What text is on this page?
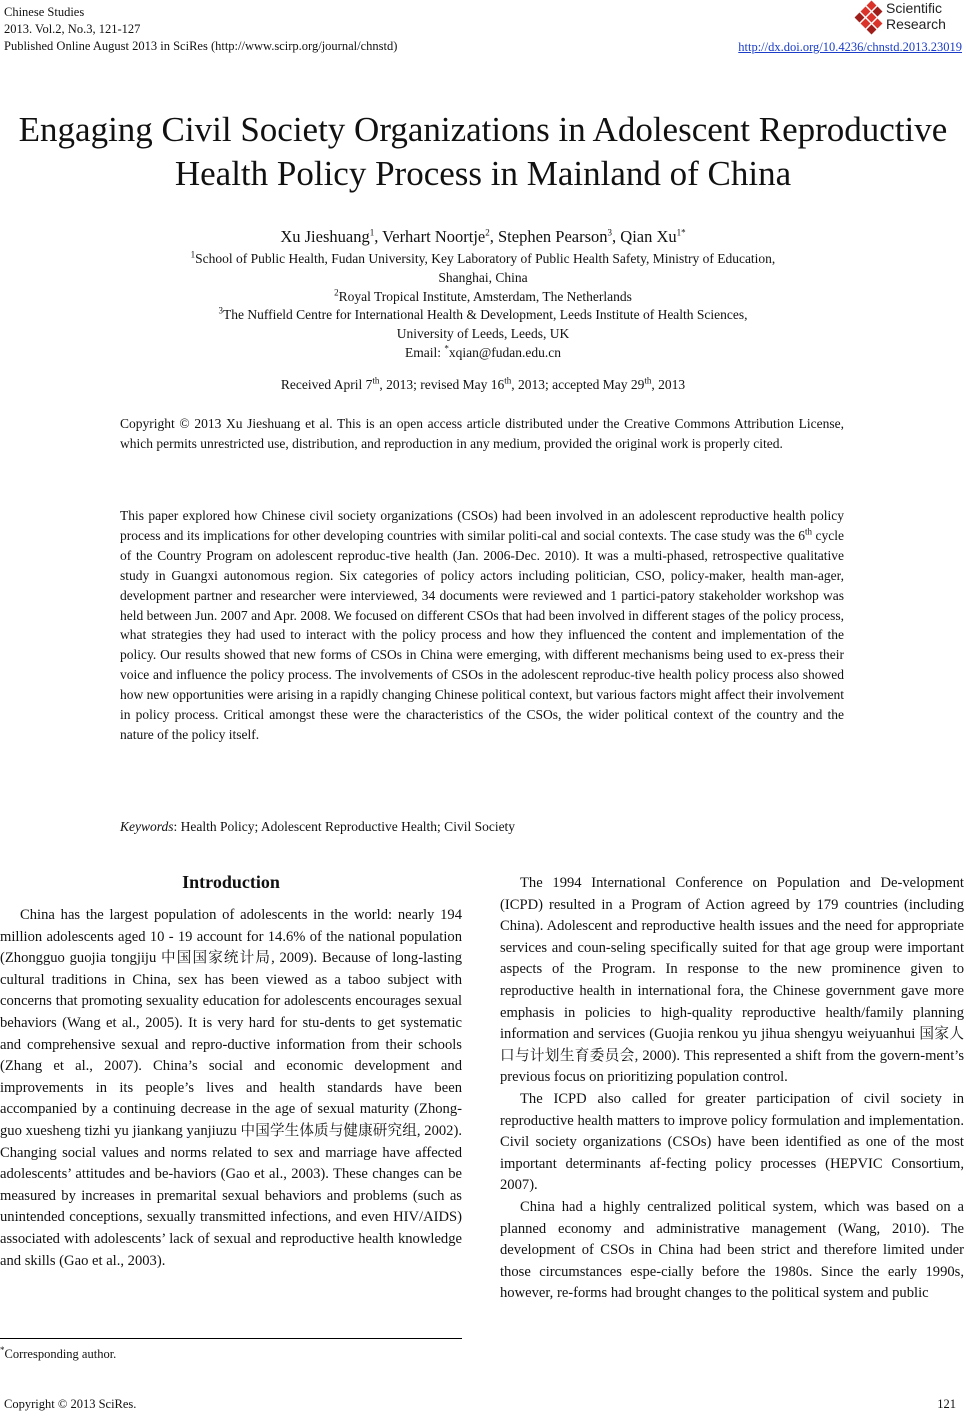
Chinese Studies
2013. Vol.2, No.3, 121-127
Published Online August 2013 in SciRes (http://www.scirp.org/journal/chnstd)
Scientific
Research
http://dx.doi.org/10.4236/chnstd.2013.23019
Engaging Civil Society Organizations in Adolescent Reproductive
Health Policy Process in Mainland of China
Xu Jieshuang$^1$, Verhart Noortje$^2$, Stephen Pearson$^3$, Qian $Xu^{1*}$
$^1$School of Public Health, Fudan University, Key Laboratory of Public Health Safety, Ministry of Education,
Shanghai, China
$^2$Royal Tropical Institute, Amsterdam, The Netherlands
$^3$The Nuffield Centre for International Health & Development, Leeds Institute of Health Sciences,
University of Leeds, Leeds, UK
Email: *xqian@fudan.edu.cn
Received April 7th, 2013; revised May 16th, 2013; accepted May 29th, 2013
Copyright © 2013 Xu Jieshuang et al. This is an open access article distributed under the Creative Commons Attribution License, which permits unrestricted use, distribution, and reproduction in any medium, provided the original work is properly cited.
This paper explored how Chinese civil society organizations (CSOs) had been involved in an adolescent reproductive health policy process and its implications for other developing countries with similar politi-cal and social contexts. The case study was the 6th cycle of the Country Program on adolescent reproduc-tive health (Jan. 2006-Dec. 2010). It was a multi-phased, retrospective qualitative study in Guangxi autonomous region. Six categories of policy actors including politician, CSO, policy-maker, health man-ager, development partner and researcher were interviewed, 34 documents were reviewed and 1 partici-patory stakeholder workshop was held between Jun. 2007 and Apr. 2008. We focused on different CSOs that had been involved in different stages of the policy process, what strategies they had used to interact with the policy process and how they influenced the content and implementation of the policy. Our results showed that new forms of CSOs in China were emerging, with different mechanisms being used to ex-press their voice and influence the policy process. The involvements of CSOs in the adolescent reproduc-tive health policy process also showed how new opportunities were arising in a rapidly changing Chinese political context, but various factors might affect their involvement in policy process. Critical amongst these were the characteristics of the CSOs, the wider political context of the country and the nature of the policy itself.
Keywords: Health Policy; Adolescent Reproductive Health; Civil Society
Introduction

China has the largest population of adolescents in the world: nearly 194 million adolescents aged 10 - 19 account for 14.6% of the national population (Zhongguo guojia tongjiju 中国国家统计局, 2009). Because of long-lasting cultural traditions in China, sex has been viewed as a taboo subject with concerns that promoting sexuality education for adolescents encourages sexual behaviors (Wang et al., 2005). It is very hard for stu-dents to get systematic and comprehensive sexual and repro-ductive information from their schools (Zhang et al., 2007). China’s social and economic development and improvements in its people’s lives and health standards have been accompanied by a continuing decrease in the age of sexual maturity (Zhong-guo xuesheng tizhi yu jiankang yanjiuzu 中国学生体质与健康研究组, 2002). Changing social values and norms related to sex and marriage have affected adolescents’ attitudes and be-haviors (Gao et al., 2003). These changes can be measured by increases in premarital sexual behaviors and problems (such as unintended conceptions, sexually transmitted infections, and even HIV/AIDS) associated with adolescents’ lack of sexual and reproductive health knowledge and skills (Gao et al., 2003).

The 1994 International Conference on Population and De-velopment (ICPD) resulted in a Program of Action agreed by 179 countries (including China). Adolescent and reproductive health issues and the need for appropriate services and coun-seling specifically suited for that age group were important aspects of the Program. In response to the new prominence given to reproductive health in international fora, the Chinese government gave more emphasis in policies to high-quality reproductive health/family planning information and services (Guojia renkou yu jihua shengyu weiyuanhui 国家人口与计划生育委员会, 2000). This represented a shift from the govern-ment’s previous focus on prioritizing population control.

The ICPD also called for greater participation of civil society in reproductive health matters to improve policy formulation and implementation. Civil society organizations (CSOs) have been identified as one of the most important determinants af-fecting policy processes (HEPVIC Consortium, 2007).

China had a highly centralized political system, which was based on a planned economy and administrative management (Wang, 2010). The development of CSOs in China had been strict and therefore limited under those circumstances espe-cially before the 1980s. Since the early 1990s, however, re-forms had brought changes to the political system and public

*Corresponding author.
Copyright © 2013 SciRes.	121
